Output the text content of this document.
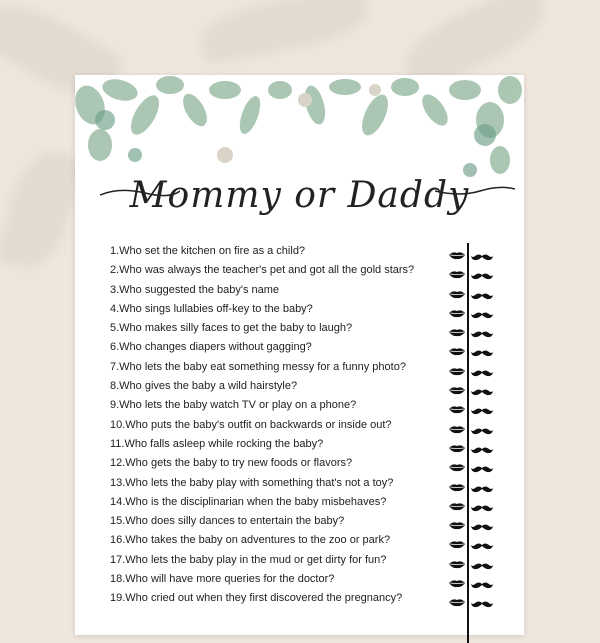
Mommy or Daddy
1.Who set the kitchen on fire as a child?
2.Who was always the teacher's pet and got all the gold stars?
3.Who suggested the baby's name
4.Who sings lullabies off-key to the baby?
5.Who makes silly faces to get the baby to laugh?
6.Who changes diapers without gagging?
7.Who lets the baby eat something messy for a funny photo?
8.Who gives the baby a wild hairstyle?
9.Who lets the baby watch TV or play on a phone?
10.Who puts the baby's outfit on backwards or inside out?
11.Who falls asleep while rocking the baby?
12.Who gets the baby to try new foods or flavors?
13.Who lets the baby play with something that's not a toy?
14.Who is the disciplinarian when the baby misbehaves?
15.Who does silly dances to entertain the baby?
16.Who takes the baby on adventures to the zoo or park?
17.Who lets the baby play in the mud or get dirty for fun?
18.Who will have more queries for the doctor?
19.Who cried out when they first discovered the pregnancy?
